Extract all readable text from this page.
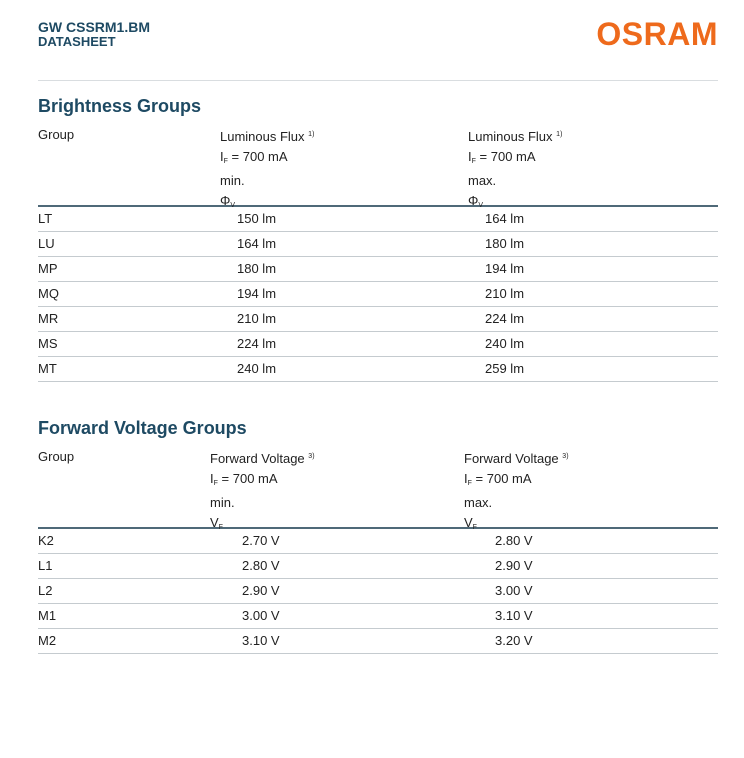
GW CSSRM1.BM
DATASHEET	OSRAM
Brightness Groups
Group	Luminous Flux $^{1)}$
$I_F = 700$ mA
min.
$\Phi_V$
Luminous Flux $^{1)}$
$I_F = 700$ mA
max.
$\Phi_V$
LT	150 lm	164 lm
LU	164 lm	180 lm
MP	180 lm	194 lm
MQ	194 lm	210 lm
MR	210 lm	224 lm
MS	224 lm	240 lm
MT	240 lm	259 lm
Forward Voltage Groups
Group	Forward Voltage $^{3)}$
$I_F = 700$ mA
min.
$V_F$
Forward Voltage $^{3)}$
$I_F = 700$ mA
max.
$V_F$
K2	2.70 V	2.80 V
L1	2.80 V	2.90 V
L2	2.90 V	3.00 V
M1	3.00 V	3.10 V
M2	3.10 V	3.20 V
